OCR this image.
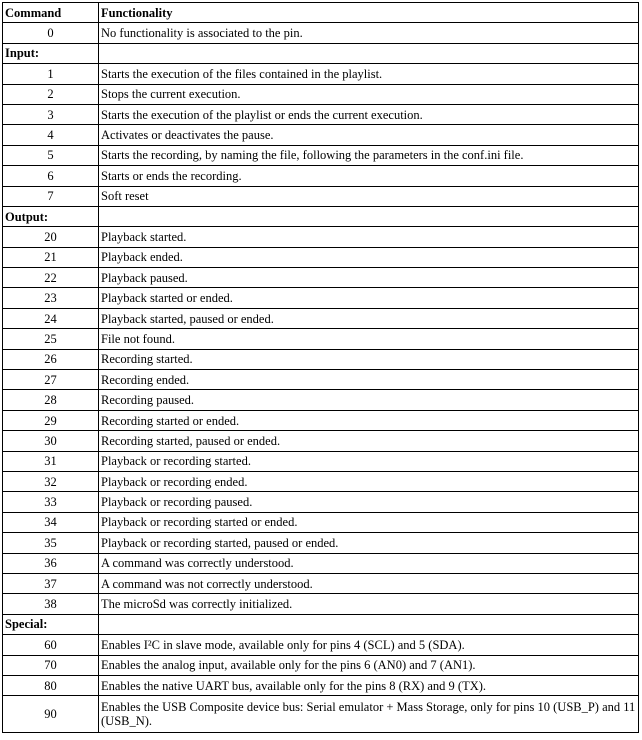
Command	Functionality
0	No functionality is associated to the pin.
Input:	
1	Starts the execution of the files contained in the playlist.
2	Stops the current execution.
3	Starts the execution of the playlist or ends the current execution.
4	Activates or deactivates the pause.
5	Starts the recording, by naming the file, following the parameters in the conf.ini file.
6	Starts or ends the recording.
7	Soft reset
Output:	
20	Playback started.
21	Playback ended.
22	Playback paused.
23	Playback started or ended.
24	Playback started, paused or ended.
25	File not found.
26	Recording started.
27	Recording ended.
28	Recording paused.
29	Recording started or ended.
30	Recording started, paused or ended.
31	Playback or recording started.
32	Playback or recording ended.
33	Playback or recording paused.
34	Playback or recording started or ended.
35	Playback or recording started, paused or ended.
36	A command was correctly understood.
37	A command was not correctly understood.
38	The microSd was correctly initialized.
Special:	
60	Enables I²C in slave mode, available only for pins 4 (SCL) and 5 (SDA).
70	Enables the analog input, available only for the pins 6 (AN0) and 7 (AN1).
80	Enables the native UART bus, available only for the pins 8 (RX) and 9 (TX).
90	Enables the USB Composite device bus: Serial emulator + Mass Storage, only for pins 10 (USB_P) and 11 (USB_N).
